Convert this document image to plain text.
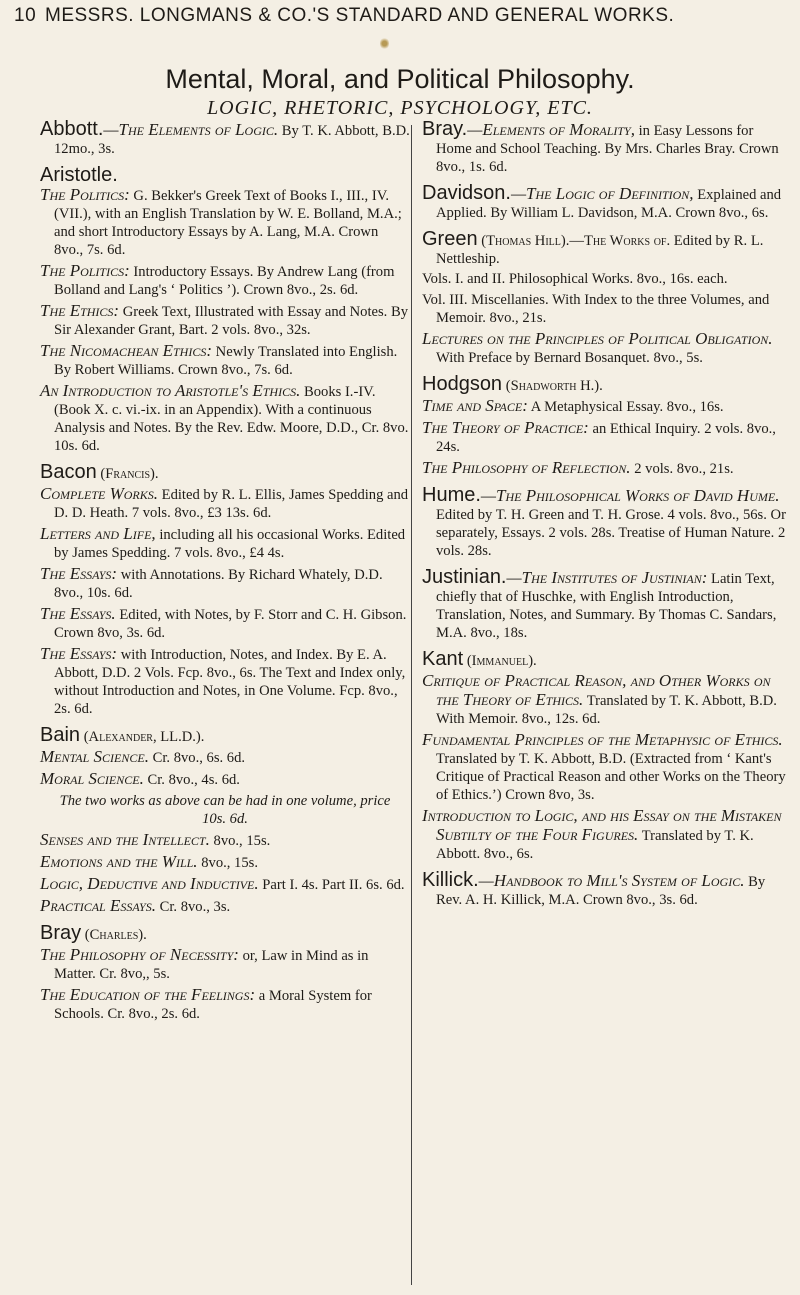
10 MESSRS. LONGMANS & CO.'S STANDARD AND GENERAL WORKS.
Mental, Moral, and Political Philosophy.
LOGIC, RHETORIC, PSYCHOLOGY, ETC.
Abbott.—The Elements of Logic. By T. K. Abbott, B.D. 12mo., 3s.
Aristotle.
The Politics: G. Bekker's Greek Text of Books I., III., IV. (VII.), with an English Translation by W. E. Bolland, M.A.; and short Introductory Essays by A. Lang, M.A. Crown 8vo., 7s. 6d.
The Politics: Introductory Essays. By Andrew Lang (from Bolland and Lang's ‘ Politics ’). Crown 8vo., 2s. 6d.
The Ethics: Greek Text, Illustrated with Essay and Notes. By Sir Alexander Grant, Bart. 2 vols. 8vo., 32s.
The Nicomachean Ethics: Newly Translated into English. By Robert Williams. Crown 8vo., 7s. 6d.
An Introduction to Aristotle's Ethics. Books I.-IV. (Book X. c. vi.-ix. in an Appendix). With a continuous Analysis and Notes. By the Rev. Edw. Moore, D.D., Cr. 8vo. 10s. 6d.
Bacon (Francis).
Complete Works. Edited by R. L. Ellis, James Spedding and D. D. Heath. 7 vols. 8vo., £3 13s. 6d.
Letters and Life, including all his occasional Works. Edited by James Spedding. 7 vols. 8vo., £4 4s.
The Essays: with Annotations. By Richard Whately, D.D. 8vo., 10s. 6d.
The Essays. Edited, with Notes, by F. Storr and C. H. Gibson. Crown 8vo, 3s. 6d.
The Essays: with Introduction, Notes, and Index. By E. A. Abbott, D.D. 2 Vols. Fcp. 8vo., 6s. The Text and Index only, without Introduction and Notes, in One Volume. Fcp. 8vo., 2s. 6d.
Bain (Alexander, LL.D.).
Mental Science. Cr. 8vo., 6s. 6d.
Moral Science. Cr. 8vo., 4s. 6d.
The two works as above can be had in one volume, price 10s. 6d.
Senses and the Intellect. 8vo., 15s.
Emotions and the Will. 8vo., 15s.
Logic, Deductive and Inductive. Part I. 4s. Part II. 6s. 6d.
Practical Essays. Cr. 8vo., 3s.
Bray (Charles).
The Philosophy of Necessity: or, Law in Mind as in Matter. Cr. 8vo,, 5s.
The Education of the Feelings: a Moral System for Schools. Cr. 8vo., 2s. 6d.
Bray.—Elements of Morality, in Easy Lessons for Home and School Teaching. By Mrs. Charles Bray. Crown 8vo., 1s. 6d.
Davidson.—The Logic of Definition, Explained and Applied. By William L. Davidson, M.A. Crown 8vo., 6s.
Green (Thomas Hill).—The Works of. Edited by R. L. Nettleship.
Vols. I. and II. Philosophical Works. 8vo., 16s. each.
Vol. III. Miscellanies. With Index to the three Volumes, and Memoir. 8vo., 21s.
Lectures on the Principles of Political Obligation. With Preface by Bernard Bosanquet. 8vo., 5s.
Hodgson (Shadworth H.).
Time and Space: A Metaphysical Essay. 8vo., 16s.
The Theory of Practice: an Ethical Inquiry. 2 vols. 8vo., 24s.
The Philosophy of Reflection. 2 vols. 8vo., 21s.
Hume.—The Philosophical Works of David Hume. Edited by T. H. Green and T. H. Grose. 4 vols. 8vo., 56s. Or separately, Essays. 2 vols. 28s. Treatise of Human Nature. 2 vols. 28s.
Justinian.—The Institutes of Justinian: Latin Text, chiefly that of Huschke, with English Introduction, Translation, Notes, and Summary. By Thomas C. Sandars, M.A. 8vo., 18s.
Kant (Immanuel).
Critique of Practical Reason, and Other Works on the Theory of Ethics. Translated by T. K. Abbott, B.D. With Memoir. 8vo., 12s. 6d.
Fundamental Principles of the Metaphysic of Ethics. Translated by T. K. Abbott, B.D. (Extracted from ‘ Kant's Critique of Practical Reason and other Works on the Theory of Ethics.’) Crown 8vo, 3s.
Introduction to Logic, and his Essay on the Mistaken Subtilty of the Four Figures. Translated by T. K. Abbott. 8vo., 6s.
Killick.—Handbook to Mill's System of Logic. By Rev. A. H. Killick, M.A. Crown 8vo., 3s. 6d.
